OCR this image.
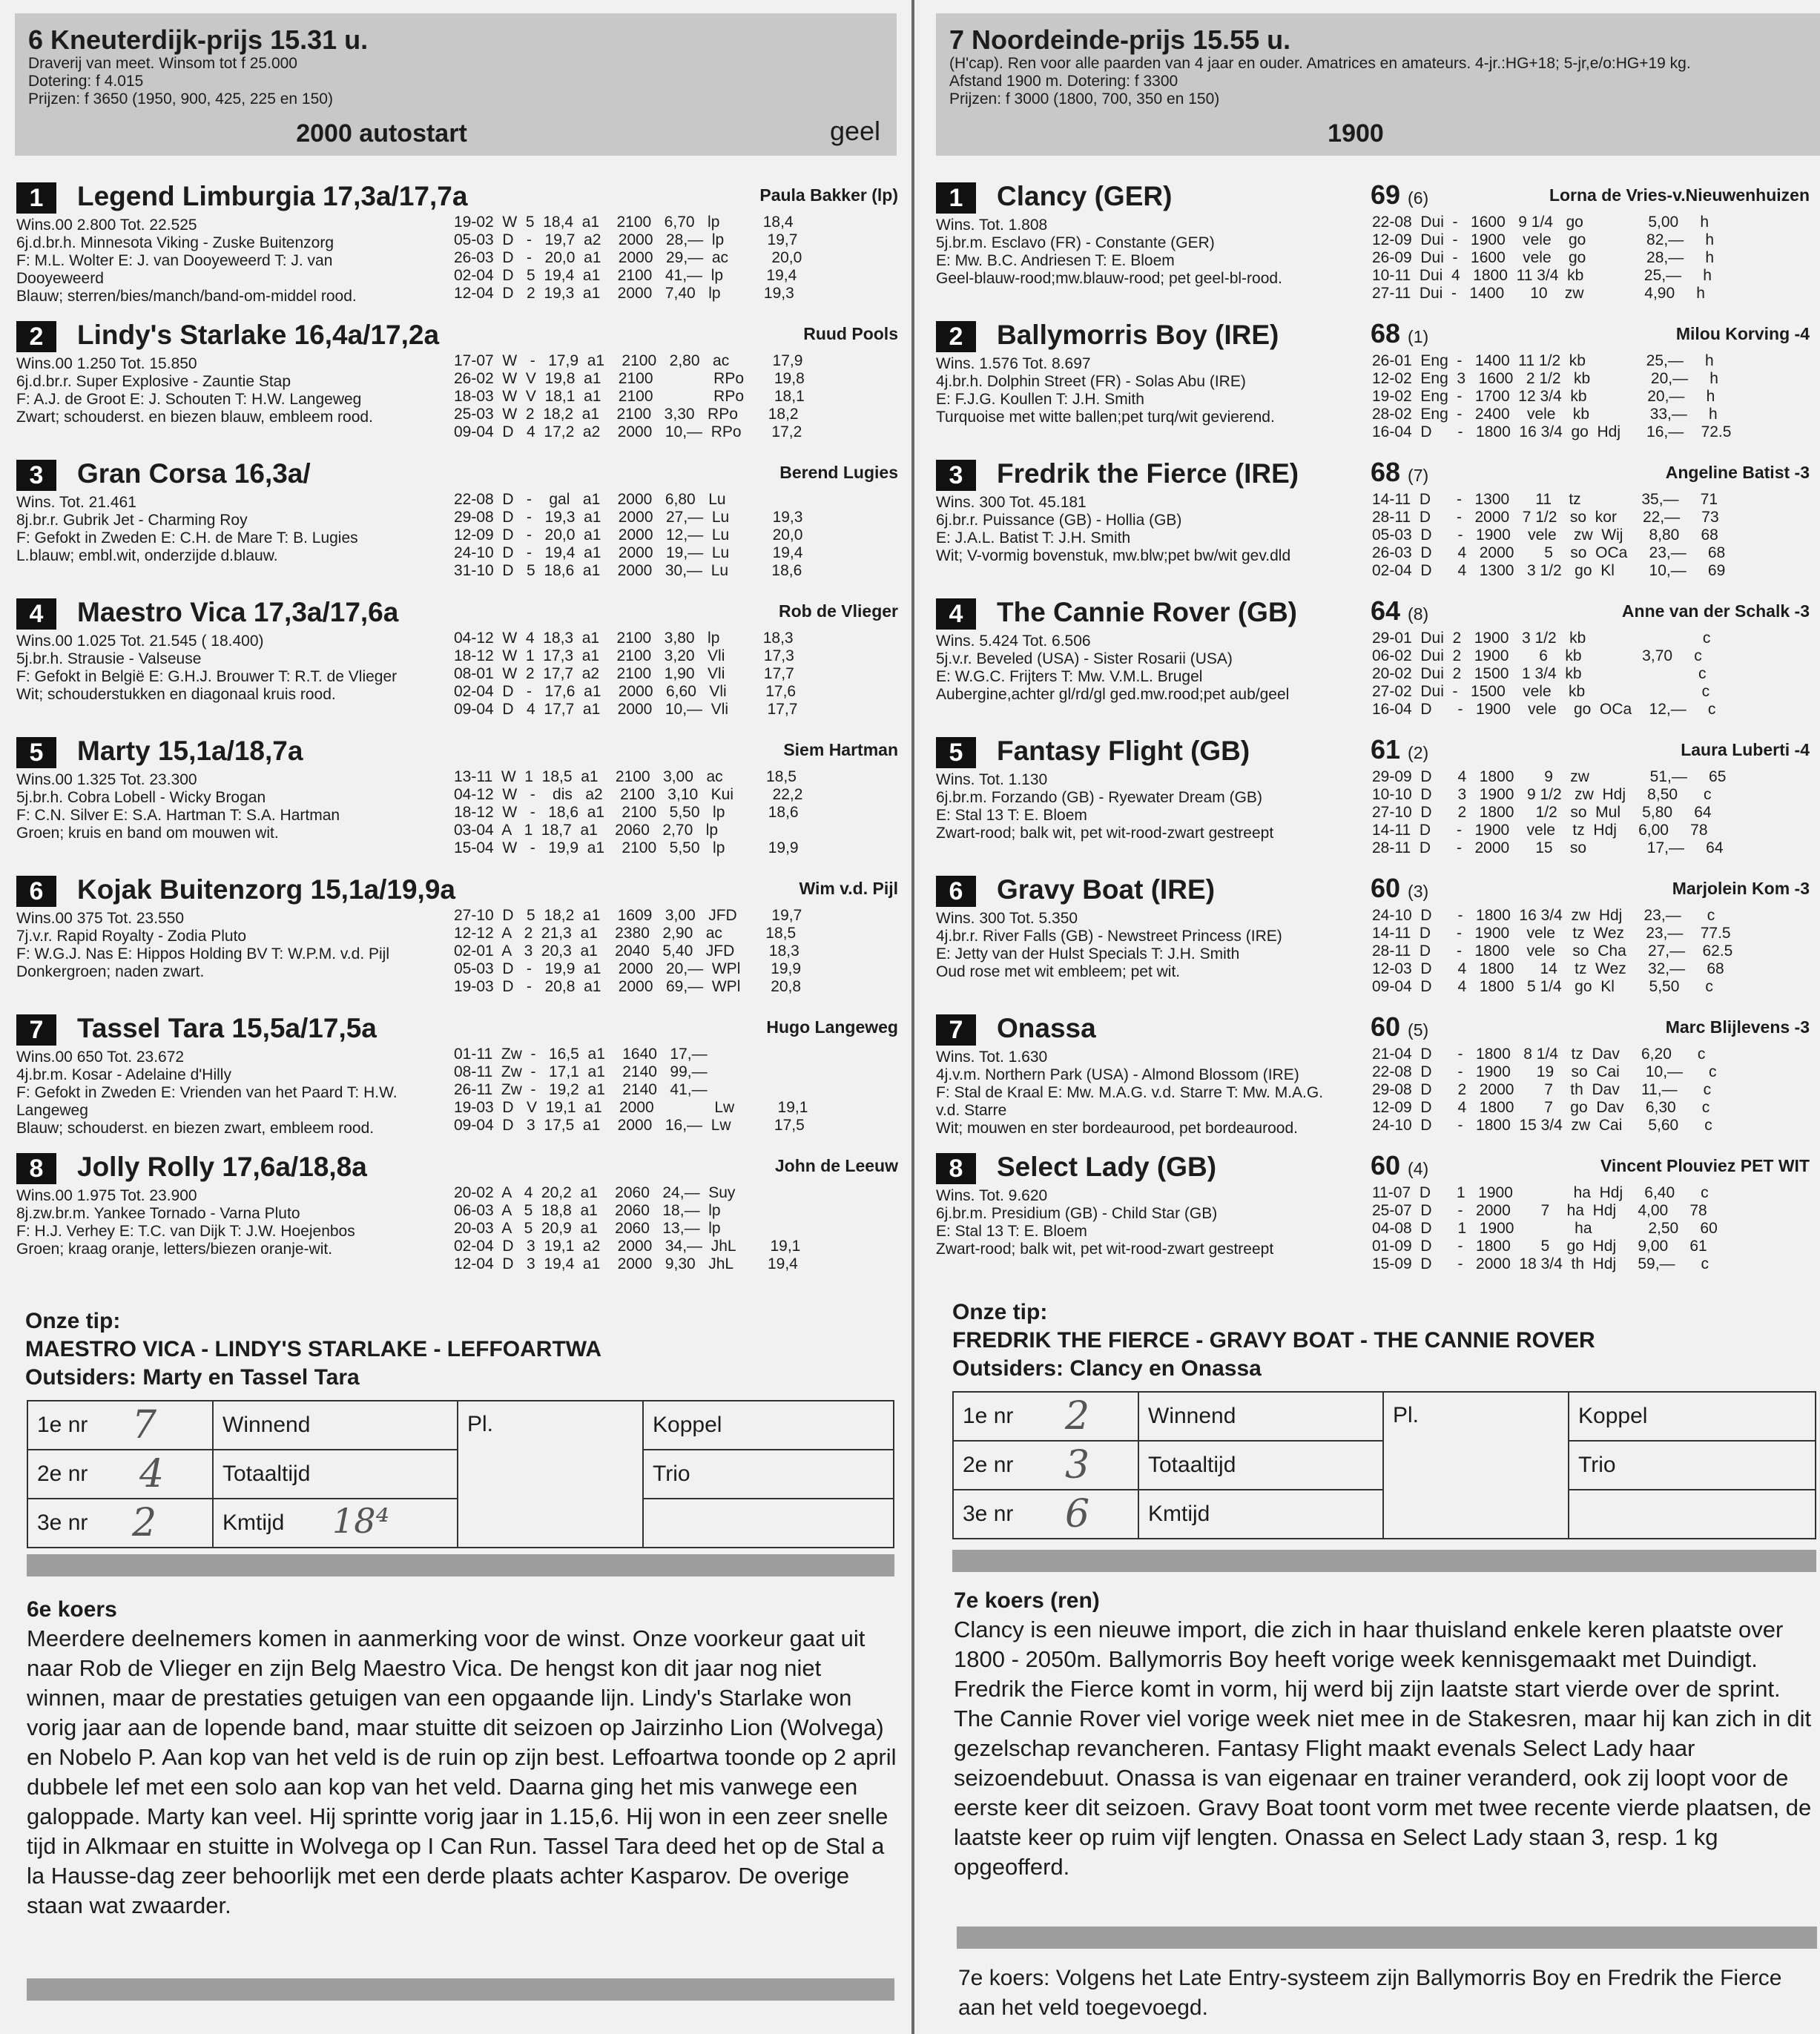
6 Kneuterdijk-prijs 15.31 u.
Draverij van meet. Winsom tot f 25.000
Dotering: f 4.015
Prijzen: f 3650 (1950, 900, 425, 225 en 150)
2000 autostart	geel
1	Legend Limburgia 17,3a/17,7a	Paula Bakker (lp)
Wins.00 2.800 Tot. 22.525
6j.d.br.h. Minnesota Viking - Zuske Buitenzorg
F: M.L. Wolter E: J. van Dooyeweerd T: J. van
Dooyeweerd
Blauw; sterren/bies/manch/band-om-middel rood.
19-02  W  5  18,4  a1    2100   6,70   lp          18,4
05-03  D   -   19,7  a2    2000   28,—  lp          19,7
26-03  D   -   20,0  a1    2000   29,—  ac          20,0
02-04  D   5  19,4  a1    2100   41,—  lp          19,4
12-04  D   2  19,3  a1    2000   7,40   lp          19,3
2	Lindy's Starlake 16,4a/17,2a	Ruud Pools
Wins.00 1.250 Tot. 15.850
6j.d.br.r. Super Explosive - Zauntie Stap
F: A.J. de Groot E: J. Schouten T: H.W. Langeweg
Zwart; schouderst. en biezen blauw, embleem rood.
17-07  W   -   17,9  a1    2100   2,80   ac          17,9
26-02  W  V  19,8  a1    2100              RPo       19,8
18-03  W  V  18,1  a1    2100              RPo       18,1
25-03  W  2  18,2  a1    2100   3,30   RPo       18,2
09-04  D   4  17,2  a2    2000   10,—  RPo       17,2
3	Gran Corsa 16,3a/	Berend Lugies
Wins. Tot. 21.461
8j.br.r. Gubrik Jet - Charming Roy
F: Gefokt in Zweden E: C.H. de Mare T: B. Lugies
L.blauw; embl.wit, onderzijde d.blauw.
22-08  D   -    gal   a1    2000   6,80   Lu
29-08  D   -   19,3  a1    2000   27,—  Lu          19,3
12-09  D   -   20,0  a1    2000   12,—  Lu          20,0
24-10  D   -   19,4  a1    2000   19,—  Lu          19,4
31-10  D   5  18,6  a1    2000   30,—  Lu          18,6
4	Maestro Vica 17,3a/17,6a	Rob de Vlieger
Wins.00 1.025 Tot. 21.545 ( 18.400)
5j.br.h. Strausie - Valseuse
F: Gefokt in België E: G.H.J. Brouwer T: R.T. de Vlieger
Wit; schouderstukken en diagonaal kruis rood.
04-12  W  4  18,3  a1    2100   3,80   lp          18,3
18-12  W  1  17,3  a1    2100   3,20   Vli         17,3
08-01  W  2  17,7  a2    2100   1,90   Vli         17,7
02-04  D   -   17,6  a1    2000   6,60   Vli         17,6
09-04  D   4  17,7  a1    2000   10,—  Vli         17,7
5	Marty 15,1a/18,7a	Siem Hartman
Wins.00 1.325 Tot. 23.300
5j.br.h. Cobra Lobell - Wicky Brogan
F: C.N. Silver E: S.A. Hartman T: S.A. Hartman
Groen; kruis en band om mouwen wit.
13-11  W  1  18,5  a1    2100   3,00   ac          18,5
04-12  W   -    dis   a2    2100   3,10   Kui         22,2
18-12  W   -   18,6  a1    2100   5,50   lp          18,6
03-04  A   1  18,7  a1    2060   2,70   lp
15-04  W   -   19,9  a1    2100   5,50   lp          19,9
6	Kojak Buitenzorg 15,1a/19,9a	Wim v.d. Pijl
Wins.00 375 Tot. 23.550
7j.v.r. Rapid Royalty - Zodia Pluto
F: W.G.J. Nas E: Hippos Holding BV T: W.P.M. v.d. Pijl
Donkergroen; naden zwart.
27-10  D   5  18,2  a1    1609   3,00   JFD        19,7
12-12  A   2  21,3  a1    2380   2,90   ac          18,5
02-01  A   3  20,3  a1    2040   5,40   JFD        18,3
05-03  D   -   19,9  a1    2000   20,—  WPl       19,9
19-03  D   -   20,8  a1    2000   69,—  WPl       20,8
7	Tassel Tara 15,5a/17,5a	Hugo Langeweg
Wins.00 650 Tot. 23.672
4j.br.m. Kosar - Adelaine d'Hilly
F: Gefokt in Zweden E: Vrienden van het Paard T: H.W.
Langeweg
Blauw; schouderst. en biezen zwart, embleem rood.
01-11  Zw  -   16,5  a1    1640   17,—
08-11  Zw  -   17,1  a1    2140   99,—
26-11  Zw  -   19,2  a1    2140   41,—
19-03  D   V  19,1  a1    2000              Lw          19,1
09-04  D   3  17,5  a1    2000   16,—  Lw          17,5
8	Jolly Rolly 17,6a/18,8a	John de Leeuw
Wins.00 1.975 Tot. 23.900
8j.zw.br.m. Yankee Tornado - Varna Pluto
F: H.J. Verhey E: T.C. van Dijk T: J.W. Hoejenbos
Groen; kraag oranje, letters/biezen oranje-wit.
20-02  A   4  20,2  a1    2060   24,—  Suy
06-03  A   5  18,8  a1    2060   18,—  lp
20-03  A   5  20,9  a1    2060   13,—  lp
02-04  D   3  19,1  a2    2000   34,—  JhL        19,1
12-04  D   3  19,4  a1    2000   9,30   JhL        19,4
Onze tip:
MAESTRO VICA - LINDY'S STARLAKE - LEFFOARTWA
Outsiders: Marty en Tassel Tara
1e nr 7	Winnend	Pl.	Koppel
2e nr 4	Totaaltijd		Trio
3e nr 2	Kmtijd 18⁴		

6e koers
Meerdere deelnemers komen in aanmerking voor de winst. Onze voorkeur gaat uit naar Rob de Vlieger en zijn Belg Maestro Vica. De hengst kon dit jaar nog niet winnen, maar de prestaties getuigen van een opgaande lijn. Lindy's Starlake won vorig jaar aan de lopende band, maar stuitte dit seizoen op Jairzinho Lion (Wolvega) en Nobelo P. Aan kop van het veld is de ruin op zijn best. Leffoartwa toonde op 2 april dubbele lef met een solo aan kop van het veld. Daarna ging het mis vanwege een galoppade. Marty kan veel. Hij sprintte vorig jaar in 1.15,6. Hij won in een zeer snelle tijd in Alkmaar en stuitte in Wolvega op I Can Run. Tassel Tara deed het op de Stal a la Hausse-dag zeer behoorlijk met een derde plaats achter Kasparov. De overige staan wat zwaarder.
7 Noordeinde-prijs 15.55 u.
(H'cap). Ren voor alle paarden van 4 jaar en ouder. Amatrices en amateurs. 4-jr.:HG+18; 5-jr,e/o:HG+19 kg.
Afstand 1900 m. Dotering: f 3300
Prijzen: f 3000 (1800, 700, 350 en 150)
1900
1	Clancy (GER)	69 (6)	Lorna de Vries-v.Nieuwenhuizen
Wins. Tot. 1.808
5j.br.m. Esclavo (FR) - Constante (GER)
E: Mw. B.C. Andriesen T: E. Bloem
Geel-blauw-rood;mw.blauw-rood; pet geel-bl-rood.
22-08  Dui  -   1600   9 1/4   go               5,00     h
12-09  Dui  -   1900    vele    go              82,—     h
26-09  Dui  -   1600    vele    go              28,—     h
10-11  Dui  4   1800  11 3/4  kb              25,—     h
27-11  Dui  -   1400      10    zw              4,90     h
2	Ballymorris Boy (IRE)	68 (1)	Milou Korving -4
Wins. 1.576 Tot. 8.697
4j.br.h. Dolphin Street (FR) - Solas Abu (IRE)
E: F.J.G. Koullen T: J.H. Smith
Turquoise met witte ballen;pet turq/wit gevierend.
26-01  Eng  -   1400  11 1/2  kb              25,—     h
12-02  Eng  3   1600   2 1/2   kb              20,—     h
19-02  Eng  -   1700  12 3/4  kb              20,—     h
28-02  Eng  -   2400    vele    kb              33,—     h
16-04  D      -   1800  16 3/4  go  Hdj      16,—    72.5
3	Fredrik the Fierce (IRE)	68 (7)	Angeline Batist -3
Wins. 300 Tot. 45.181
6j.br.r. Puissance (GB) - Hollia (GB)
E: J.A.L. Batist T: J.H. Smith
Wit; V-vormig bovenstuk, mw.blw;pet bw/wit gev.dld
14-11  D      -   1300      11    tz              35,—     71
28-11  D      -   2000   7 1/2   so  kor      22,—     73
05-03  D      -   1900    vele    zw  Wij      8,80     68
26-03  D      4   2000       5    so  OCa     23,—     68
02-04  D      4   1300   3 1/2   go  Kl        10,—     69
4	The Cannie Rover (GB)	64 (8)	Anne van der Schalk -3
Wins. 5.424 Tot. 6.506
5j.v.r. Beveled (USA) - Sister Rosarii (USA)
E: W.G.C. Frijters T: Mw. V.M.L. Brugel
Aubergine,achter gl/rd/gl ged.mw.rood;pet aub/geel
29-01  Dui  2   1900   3 1/2   kb                           c
06-02  Dui  2   1900       6    kb              3,70     c
20-02  Dui  2   1500   1 3/4  kb                           c
27-02  Dui  -   1500    vele    kb                           c
16-04  D      -   1900    vele    go  OCa    12,—     c
5	Fantasy Flight (GB)	61 (2)	Laura Luberti -4
Wins. Tot. 1.130
6j.br.m. Forzando (GB) - Ryewater Dream (GB)
E: Stal 13 T: E. Bloem
Zwart-rood; balk wit, pet wit-rood-zwart gestreept
29-09  D      4   1800       9    zw              51,—     65
10-10  D      3   1900   9 1/2   zw  Hdj     8,50      c
27-10  D      2   1800     1/2   so  Mul     5,80     64
14-11  D      -   1900    vele    tz  Hdj     6,00     78
28-11  D      -   2000      15    so              17,—     64
6	Gravy Boat (IRE)	60 (3)	Marjolein Kom -3
Wins. 300 Tot. 5.350
4j.br.r. River Falls (GB) - Newstreet Princess (IRE)
E: Jetty van der Hulst Specials T: J.H. Smith
Oud rose met wit embleem; pet wit.
24-10  D      -   1800  16 3/4  zw  Hdj     23,—      c
14-11  D      -   1900    vele    tz  Wez     23,—    77.5
28-11  D      -   1800    vele    so  Cha     27,—    62.5
12-03  D      4   1800      14    tz  Wez     32,—     68
09-04  D      4   1800   5 1/4   go  Kl        5,50      c
7	Onassa	60 (5)	Marc Blijlevens -3
Wins. Tot. 1.630
4j.v.m. Northern Park (USA) - Almond Blossom (IRE)
F: Stal de Kraal E: Mw. M.A.G. v.d. Starre T: Mw. M.A.G.
v.d. Starre
Wit; mouwen en ster bordeaurood, pet bordeaurood.
21-04  D      -   1800   8 1/4   tz  Dav     6,20      c
22-08  D      -   1900      19    so  Cai      10,—      c
29-08  D      2   2000       7    th  Dav     11,—      c
12-09  D      4   1800       7    go  Dav     6,30      c
24-10  D      -   1800  15 3/4  zw  Cai      5,60      c
8	Select Lady (GB)	60 (4)	Vincent Plouviez PET WIT
Wins. Tot. 9.620
6j.br.m. Presidium (GB) - Child Star (GB)
E: Stal 13 T: E. Bloem
Zwart-rood; balk wit, pet wit-rood-zwart gestreept
11-07  D      1   1900              ha  Hdj     6,40      c
25-07  D      -   2000       7    ha  Hdj     4,00     78
04-08  D      1   1900              ha             2,50     60
01-09  D      -   1800       5    go  Hdj     9,00     61
15-09  D      -   2000  18 3/4  th  Hdj     59,—      c
Onze tip:
FREDRIK THE FIERCE - GRAVY BOAT - THE CANNIE ROVER
Outsiders: Clancy en Onassa
1e nr 2	Winnend	Pl.	Koppel
2e nr 3	Totaaltijd		Trio
3e nr 6	Kmtijd		
7e koers (ren)
Clancy is een nieuwe import, die zich in haar thuisland enkele keren plaatste over 1800 - 2050m. Ballymorris Boy heeft vorige week kennisgemaakt met Duindigt. Fredrik the Fierce komt in vorm, hij werd bij zijn laatste start vierde over de sprint. The Cannie Rover viel vorige week niet mee in de Stakesren, maar hij kan zich in dit gezelschap revancheren. Fantasy Flight maakt evenals Select Lady haar seizoendebuut. Onassa is van eigenaar en trainer veranderd, ook zij loopt voor de eerste keer dit seizoen. Gravy Boat toont vorm met twee recente vierde plaatsen, de laatste keer op ruim vijf lengten. Onassa en Select Lady staan 3, resp. 1 kg opgeofferd.
7e koers: Volgens het Late Entry-systeem zijn Ballymorris Boy en Fredrik the Fierce aan het veld toegevoegd.
